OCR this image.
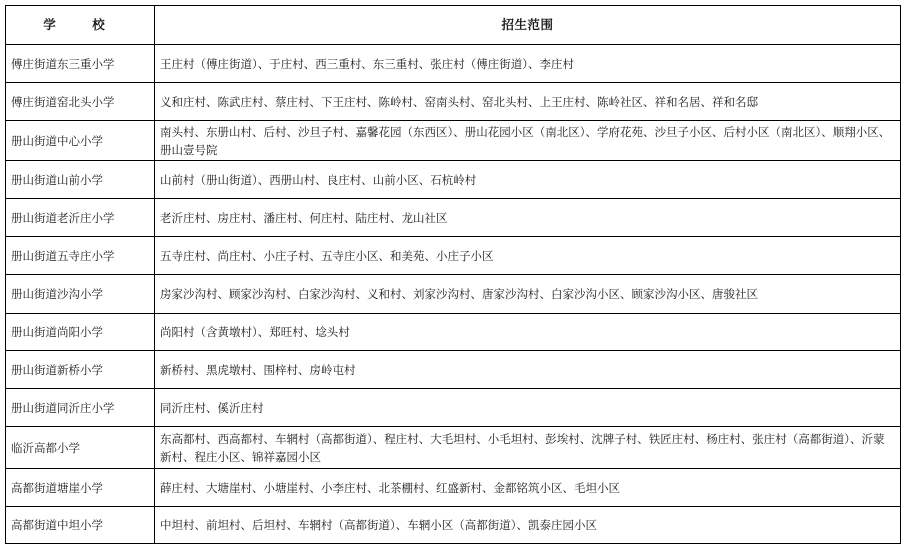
学　校	招生范围
傅庄街道东三重小学	王庄村（傅庄街道）、于庄村、西三重村、东三重村、张庄村（傅庄街道）、李庄村
傅庄街道窑北头小学	义和庄村、陈武庄村、蔡庄村、下王庄村、陈岭村、窑南头村、窑北头村、上王庄村、陈岭社区、祥和名居、祥和名邸
册山街道中心小学	南头村、东册山村、后村、沙旦子村、嘉馨花园（东西区）、册山花园小区（南北区）、学府花苑、沙旦子小区、后村小区（南北区）、顺翔小区、册山壹号院
册山街道山前小学	山前村（册山街道）、西册山村、良庄村、山前小区、石杭岭村
册山街道老沂庄小学	老沂庄村、房庄村、潘庄村、何庄村、陆庄村、龙山社区
册山街道五寺庄小学	五寺庄村、尚庄村、小庄子村、五寺庄小区、和美苑、小庄子小区
册山街道沙沟小学	房家沙沟村、顾家沙沟村、白家沙沟村、义和村、刘家沙沟村、唐家沙沟村、白家沙沟小区、顾家沙沟小区、唐骏社区
册山街道尚阳小学	尚阳村（含黄墩村）、郑旺村、埝头村
册山街道新桥小学	新桥村、黑虎墩村、围梓村、房岭屯村
册山街道同沂庄小学	同沂庄村、傒沂庄村
临沂高都小学	东高都村、西高都村、车辋村（高都街道）、程庄村、大毛坦村、小毛坦村、彭埃村、沈牌子村、铁匠庄村、杨庄村、张庄村（高都街道）、沂蒙新村、程庄小区、锦祥嘉园小区
高都街道塘崖小学	薛庄村、大塘崖村、小塘崖村、小李庄村、北茶棚村、红盛新村、金都铭筑小区、毛坦小区
高都街道中坦小学	中坦村、前坦村、后坦村、车辋村（高都街道）、车辋小区（高都街道）、凯泰庄园小区
